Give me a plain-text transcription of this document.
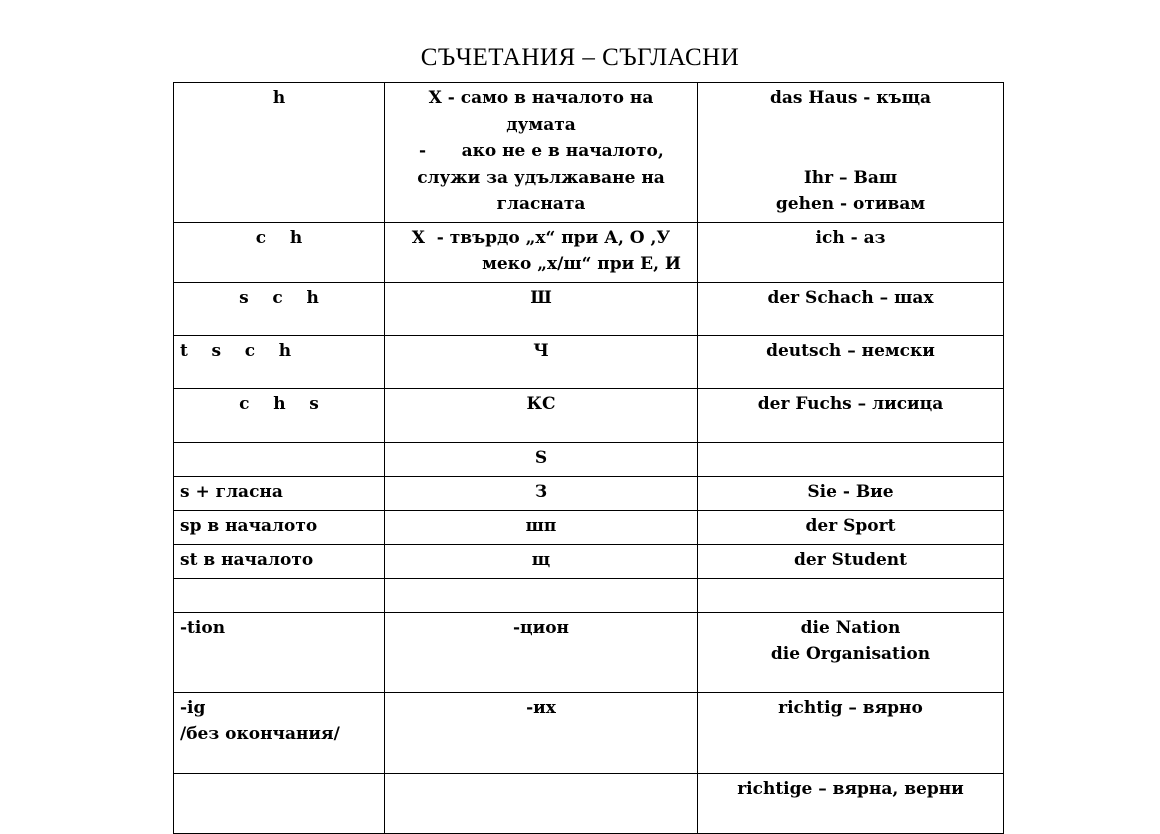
СЪЧЕТАНИЯ – СЪГЛАСНИ
h	Х - само в началото на
думата
-      ако не е в началото,
служи за удължаване на
гласната	das Haus - къща
Ihr – Ваш
gehen - отивам

c    h	Х  - твърдо „х“ при А, О ,У
меко „х/ш“ при Е, И	ich - аз

s    c    h	Ш	der Schach – шах
t    s    c    h	Ч	deutsch – немски
c    h    s	КС	der Fuchs – лисица
	S	
s + гласна	З	Sie - Вие
sp в началото	шп	der Sport
st в началото	щ	der Student

-tion	-цион	die Nation
die Organisation

-ig
/без окончания/	-их	richtig – вярно
		richtige – вярна, верни
